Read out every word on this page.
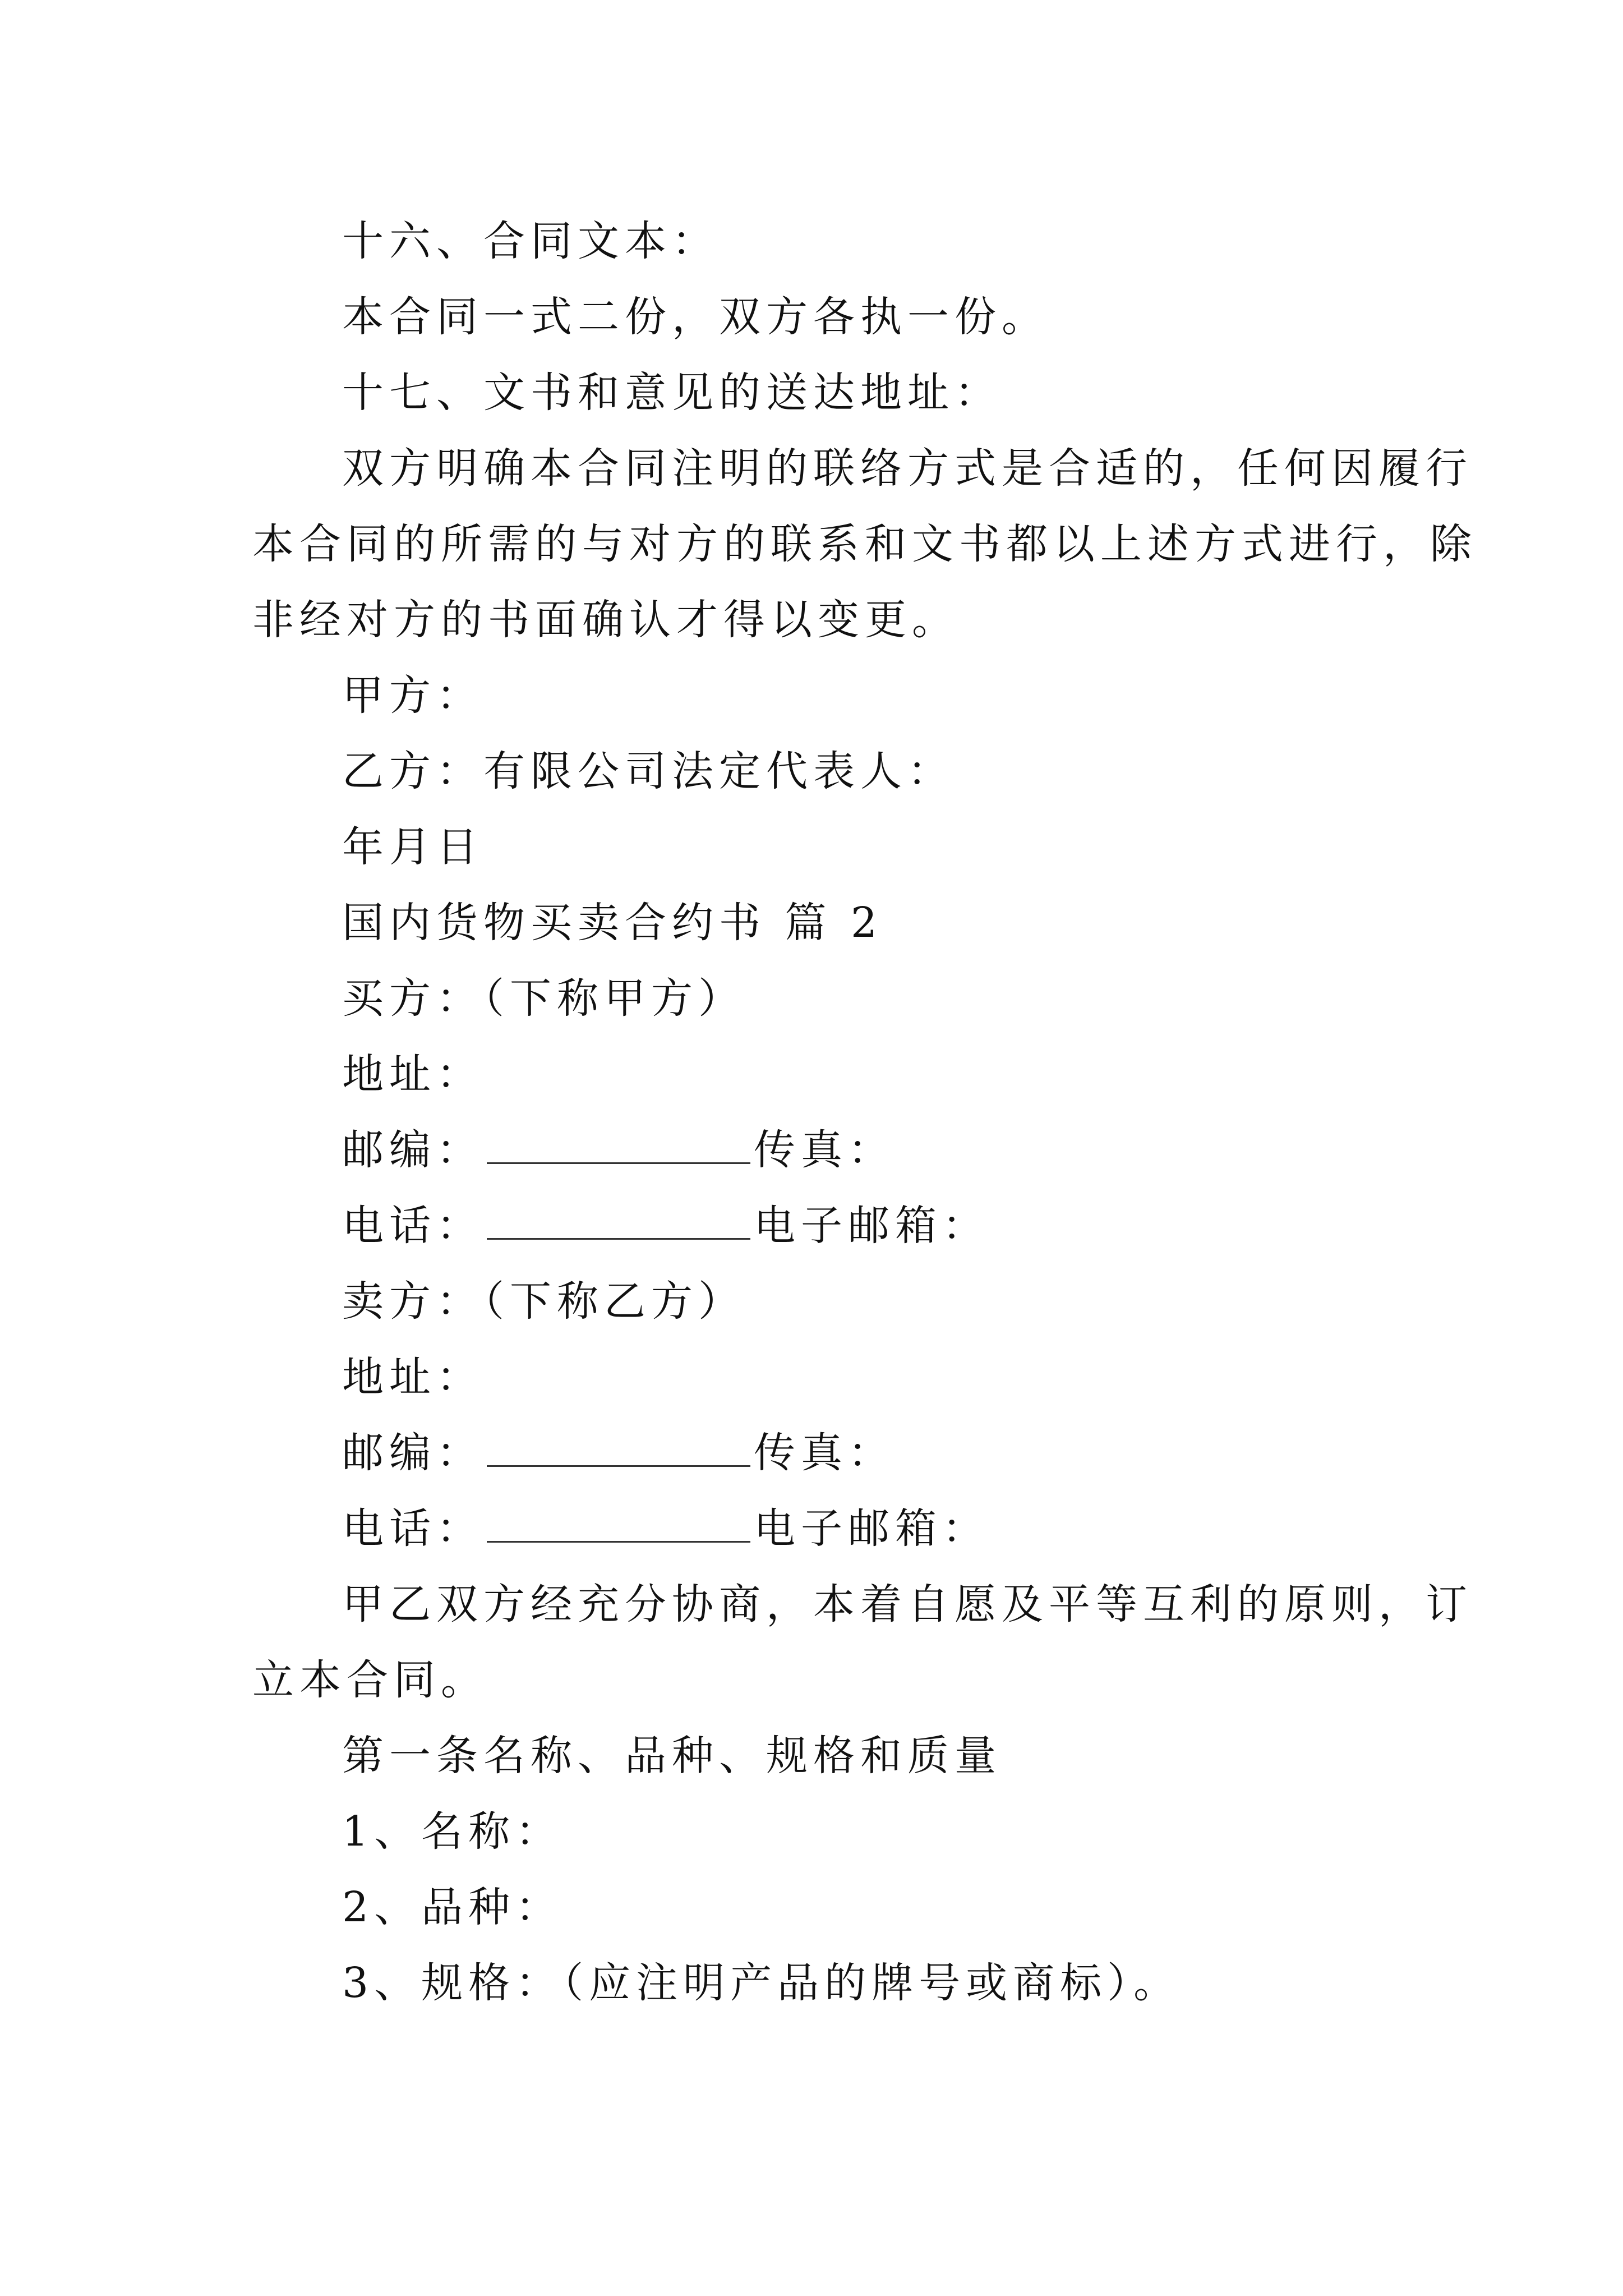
十六、合同文本：
本合同一式二份，双方各执一份。
十七、文书和意见的送达地址：
双方明确本合同注明的联络方式是合适的，任何因履行
本合同的所需的与对方的联系和文书都以上述方式进行，除
非经对方的书面确认才得以变更。
甲方：
乙方：有限公司法定代表人：
年月日
国内货物买卖合约书 篇 2
买方：（下称甲方）
地址：
邮编：	传真：
电话：	电子邮箱：
卖方：（下称乙方）
地址：
邮编：	传真：
电话：	电子邮箱：
甲乙双方经充分协商，本着自愿及平等互利的原则，订
立本合同。
第一条名称、品种、规格和质量
1、名称：
2、品种：
3、规格：（应注明产品的牌号或商标）。
